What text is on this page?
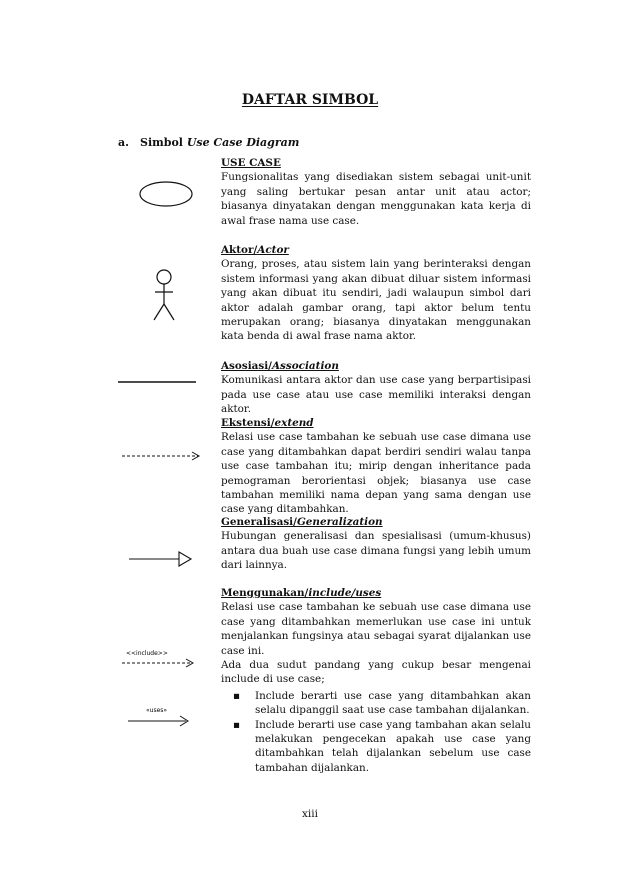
DAFTAR SIMBOL
a. Simbol Use Case Diagram
<<include>>
«uses»
USE CASE

Fungsionalitas yang disediakan sistem sebagai unit-unit yang saling bertukar pesan antar unit atau actor; biasanya dinyatakan dengan menggunakan kata kerja di awal frase nama use case.

Aktor/Actor

Orang, proses, atau sistem lain yang berinteraksi dengan sistem informasi yang akan dibuat diluar sistem informasi yang akan dibuat itu sendiri, jadi walaupun simbol dari aktor adalah gambar orang, tapi aktor belum tentu merupakan orang; biasanya dinyatakan menggunakan kata benda di awal frase nama aktor.

Asosiasi/Association

Komunikasi antara aktor dan use case yang berpartisipasi pada use case atau use case memiliki interaksi dengan aktor.

Ekstensi/extend

Relasi use case tambahan ke sebuah use case dimana use case yang ditambahkan dapat berdiri sendiri walau tanpa use case tambahan itu; mirip dengan inheritance pada pemograman berorientasi objek; biasanya use case tambahan memiliki nama depan yang sama dengan use case yang ditambahkan.

Generalisasi/Generalization

Hubungan generalisasi dan spesialisasi (umum-khusus) antara dua buah use case dimana fungsi yang lebih umum dari lainnya.

Menggunakan/include/uses

Relasi use case tambahan ke sebuah use case dimana use case yang ditambahkan memerlukan use case ini untuk menjalankan fungsinya atau sebagai syarat dijalankan use case ini.

Ada dua sudut pandang yang cukup besar mengenai include di use case;

▪ Include berarti use case yang ditambahkan akan selalu dipanggil saat use case tambahan dijalankan.
▪ Include berarti use case yang tambahan akan selalu melakukan pengecekan apakah use case yang ditambahkan telah dijalankan sebelum use case tambahan dijalankan.
xiii
